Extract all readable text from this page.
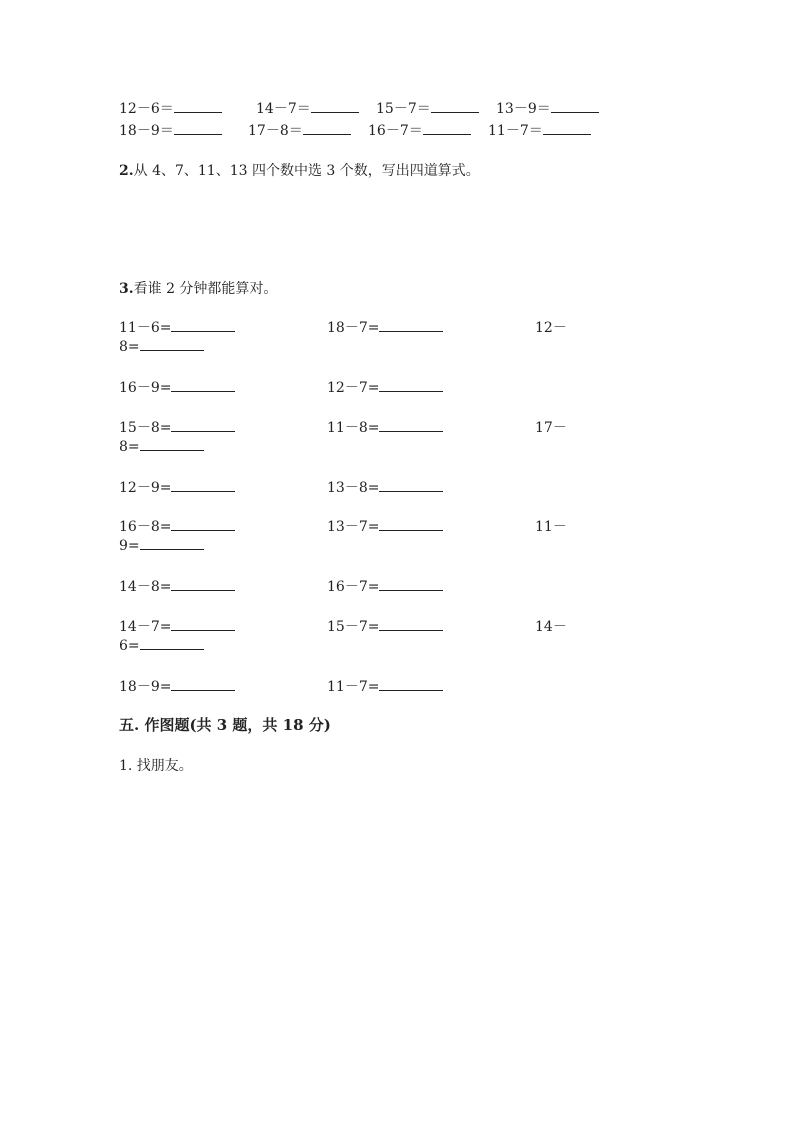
12－6＝	14－7＝	15－7＝	13－9＝
18－9＝	17－8＝	16－7＝	11－7＝
2.从 4、7、11、13 四个数中选 3 个数，写出四道算式。
3.看谁 2 分钟都能算对。
11－6=	18－7=	12－
8=
16－9=	12－7=
15－8=	11－8=	17－
8=
12－9=	13－8=
16－8=	13－7=	11－
9=
14－8=	16－7=
14－7=	15－7=	14－
6=
18－9=	11－7=
五. 作图题(共 3 题，共 18 分)
1. 找朋友。
